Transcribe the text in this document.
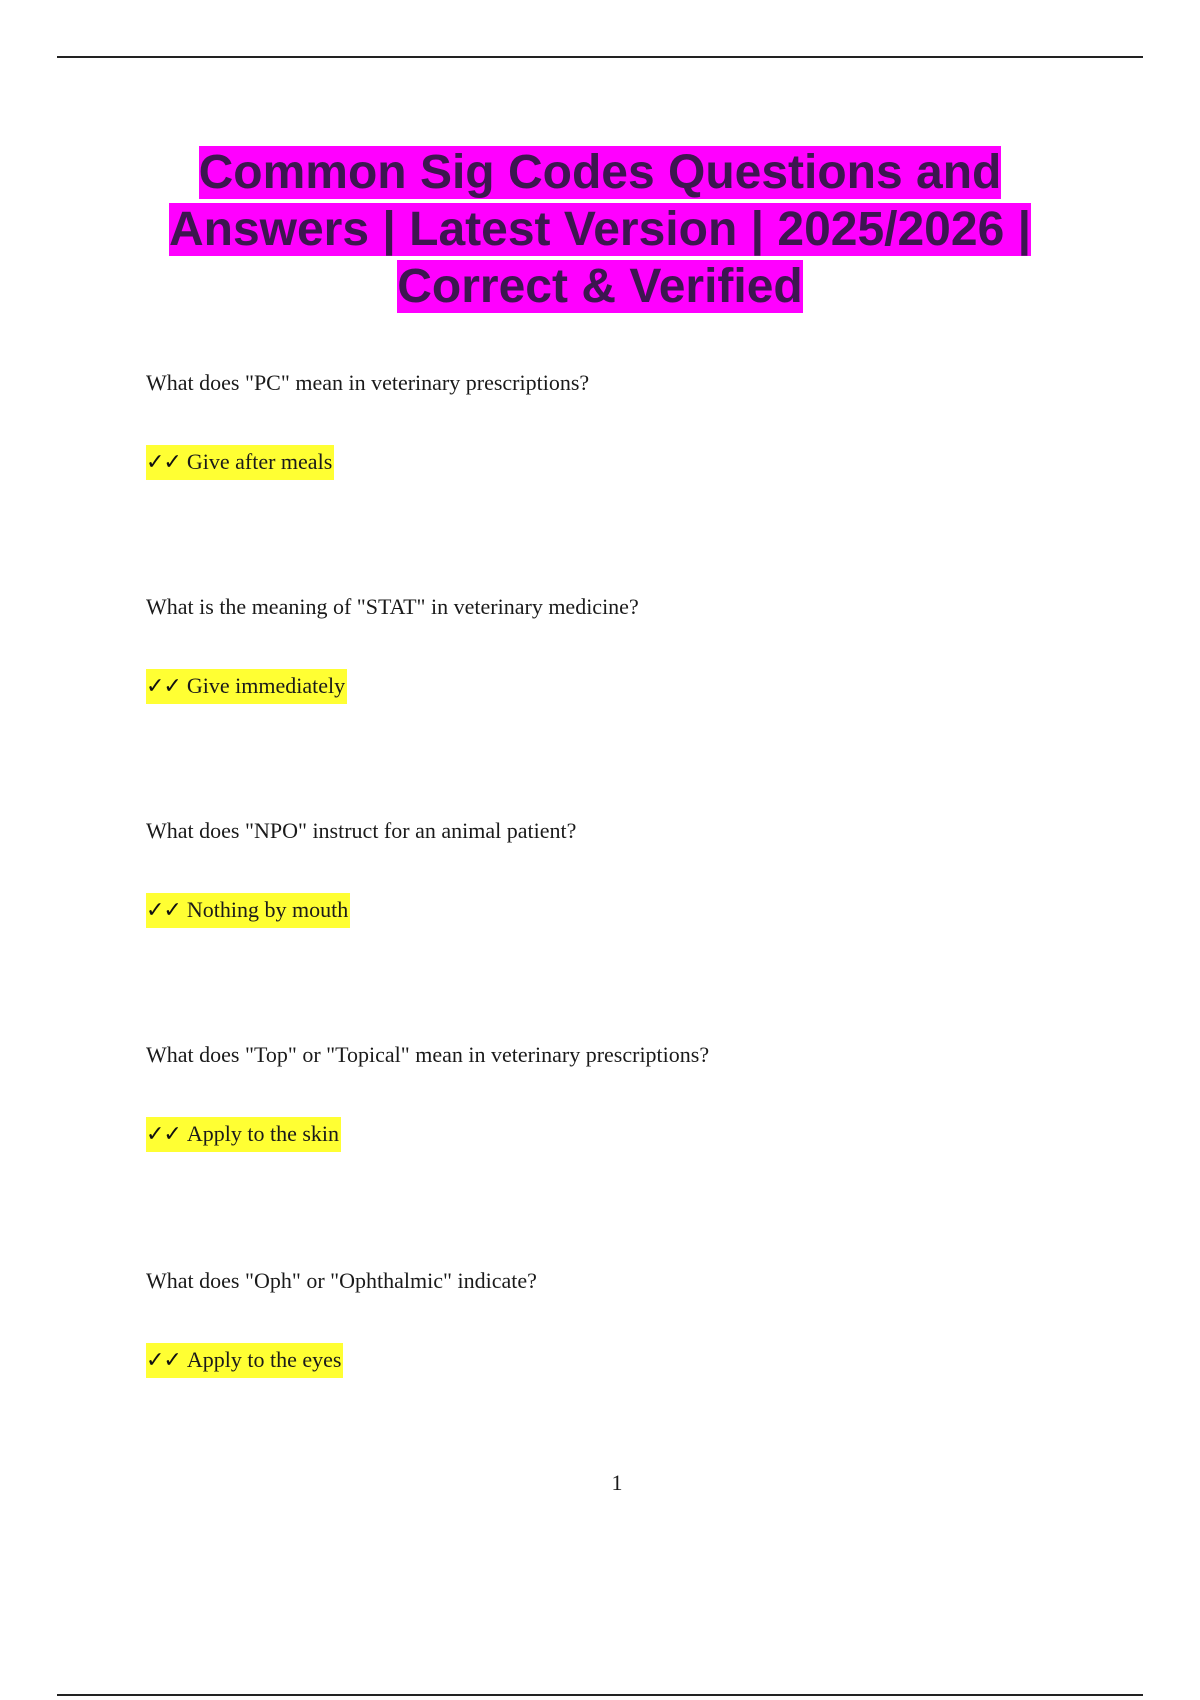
Common Sig Codes Questions and Answers | Latest Version | 2025/2026 | Correct & Verified

What does "PC" mean in veterinary prescriptions?

✓✓ Give after meals

What is the meaning of "STAT" in veterinary medicine?

✓✓ Give immediately

What does "NPO" instruct for an animal patient?

✓✓ Nothing by mouth

What does "Top" or "Topical" mean in veterinary prescriptions?

✓✓ Apply to the skin

What does "Oph" or "Ophthalmic" indicate?

✓✓ Apply to the eyes
1
